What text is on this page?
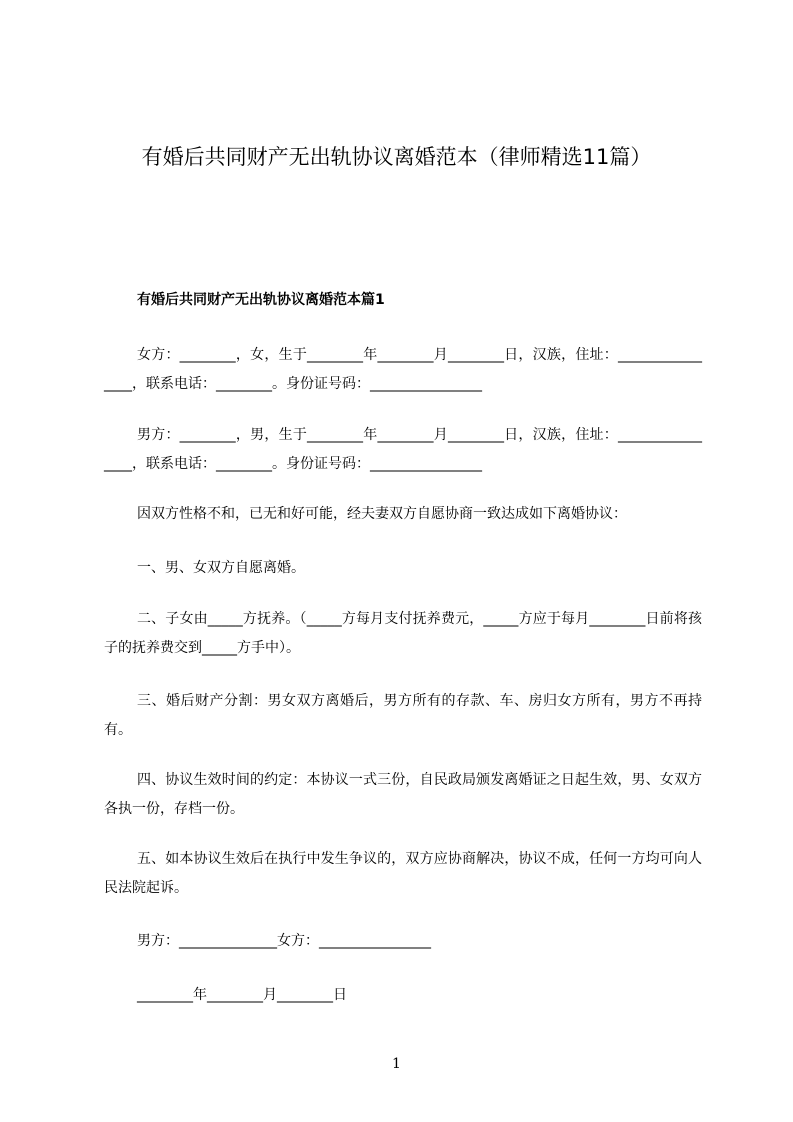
有婚后共同财产无出轨协议离婚范本（律师精选11篇）
有婚后共同财产无出轨协议离婚范本篇1

女方：________，女，生于________年________月________日，汉族，住址：________________，联系电话：________。身份证号码：________________

男方：________，男，生于________年________月________日，汉族，住址：________________，联系电话：________。身份证号码：________________

因双方性格不和，已无和好可能，经夫妻双方自愿协商一致达成如下离婚协议：

一、男、女双方自愿离婚。

二、子女由_____方抚养。（_____方每月支付抚养费元，_____方应于每月________日前将孩子的抚养费交到_____方手中）。

三、婚后财产分割：男女双方离婚后，男方所有的存款、车、房归女方所有，男方不再持有。

四、协议生效时间的约定：本协议一式三份，自民政局颁发离婚证之日起生效，男、女双方各执一份，存档一份。

五、如本协议生效后在执行中发生争议的，双方应协商解决，协议不成，任何一方均可向人民法院起诉。

男方：______________女方：________________

________年________月________日

1
